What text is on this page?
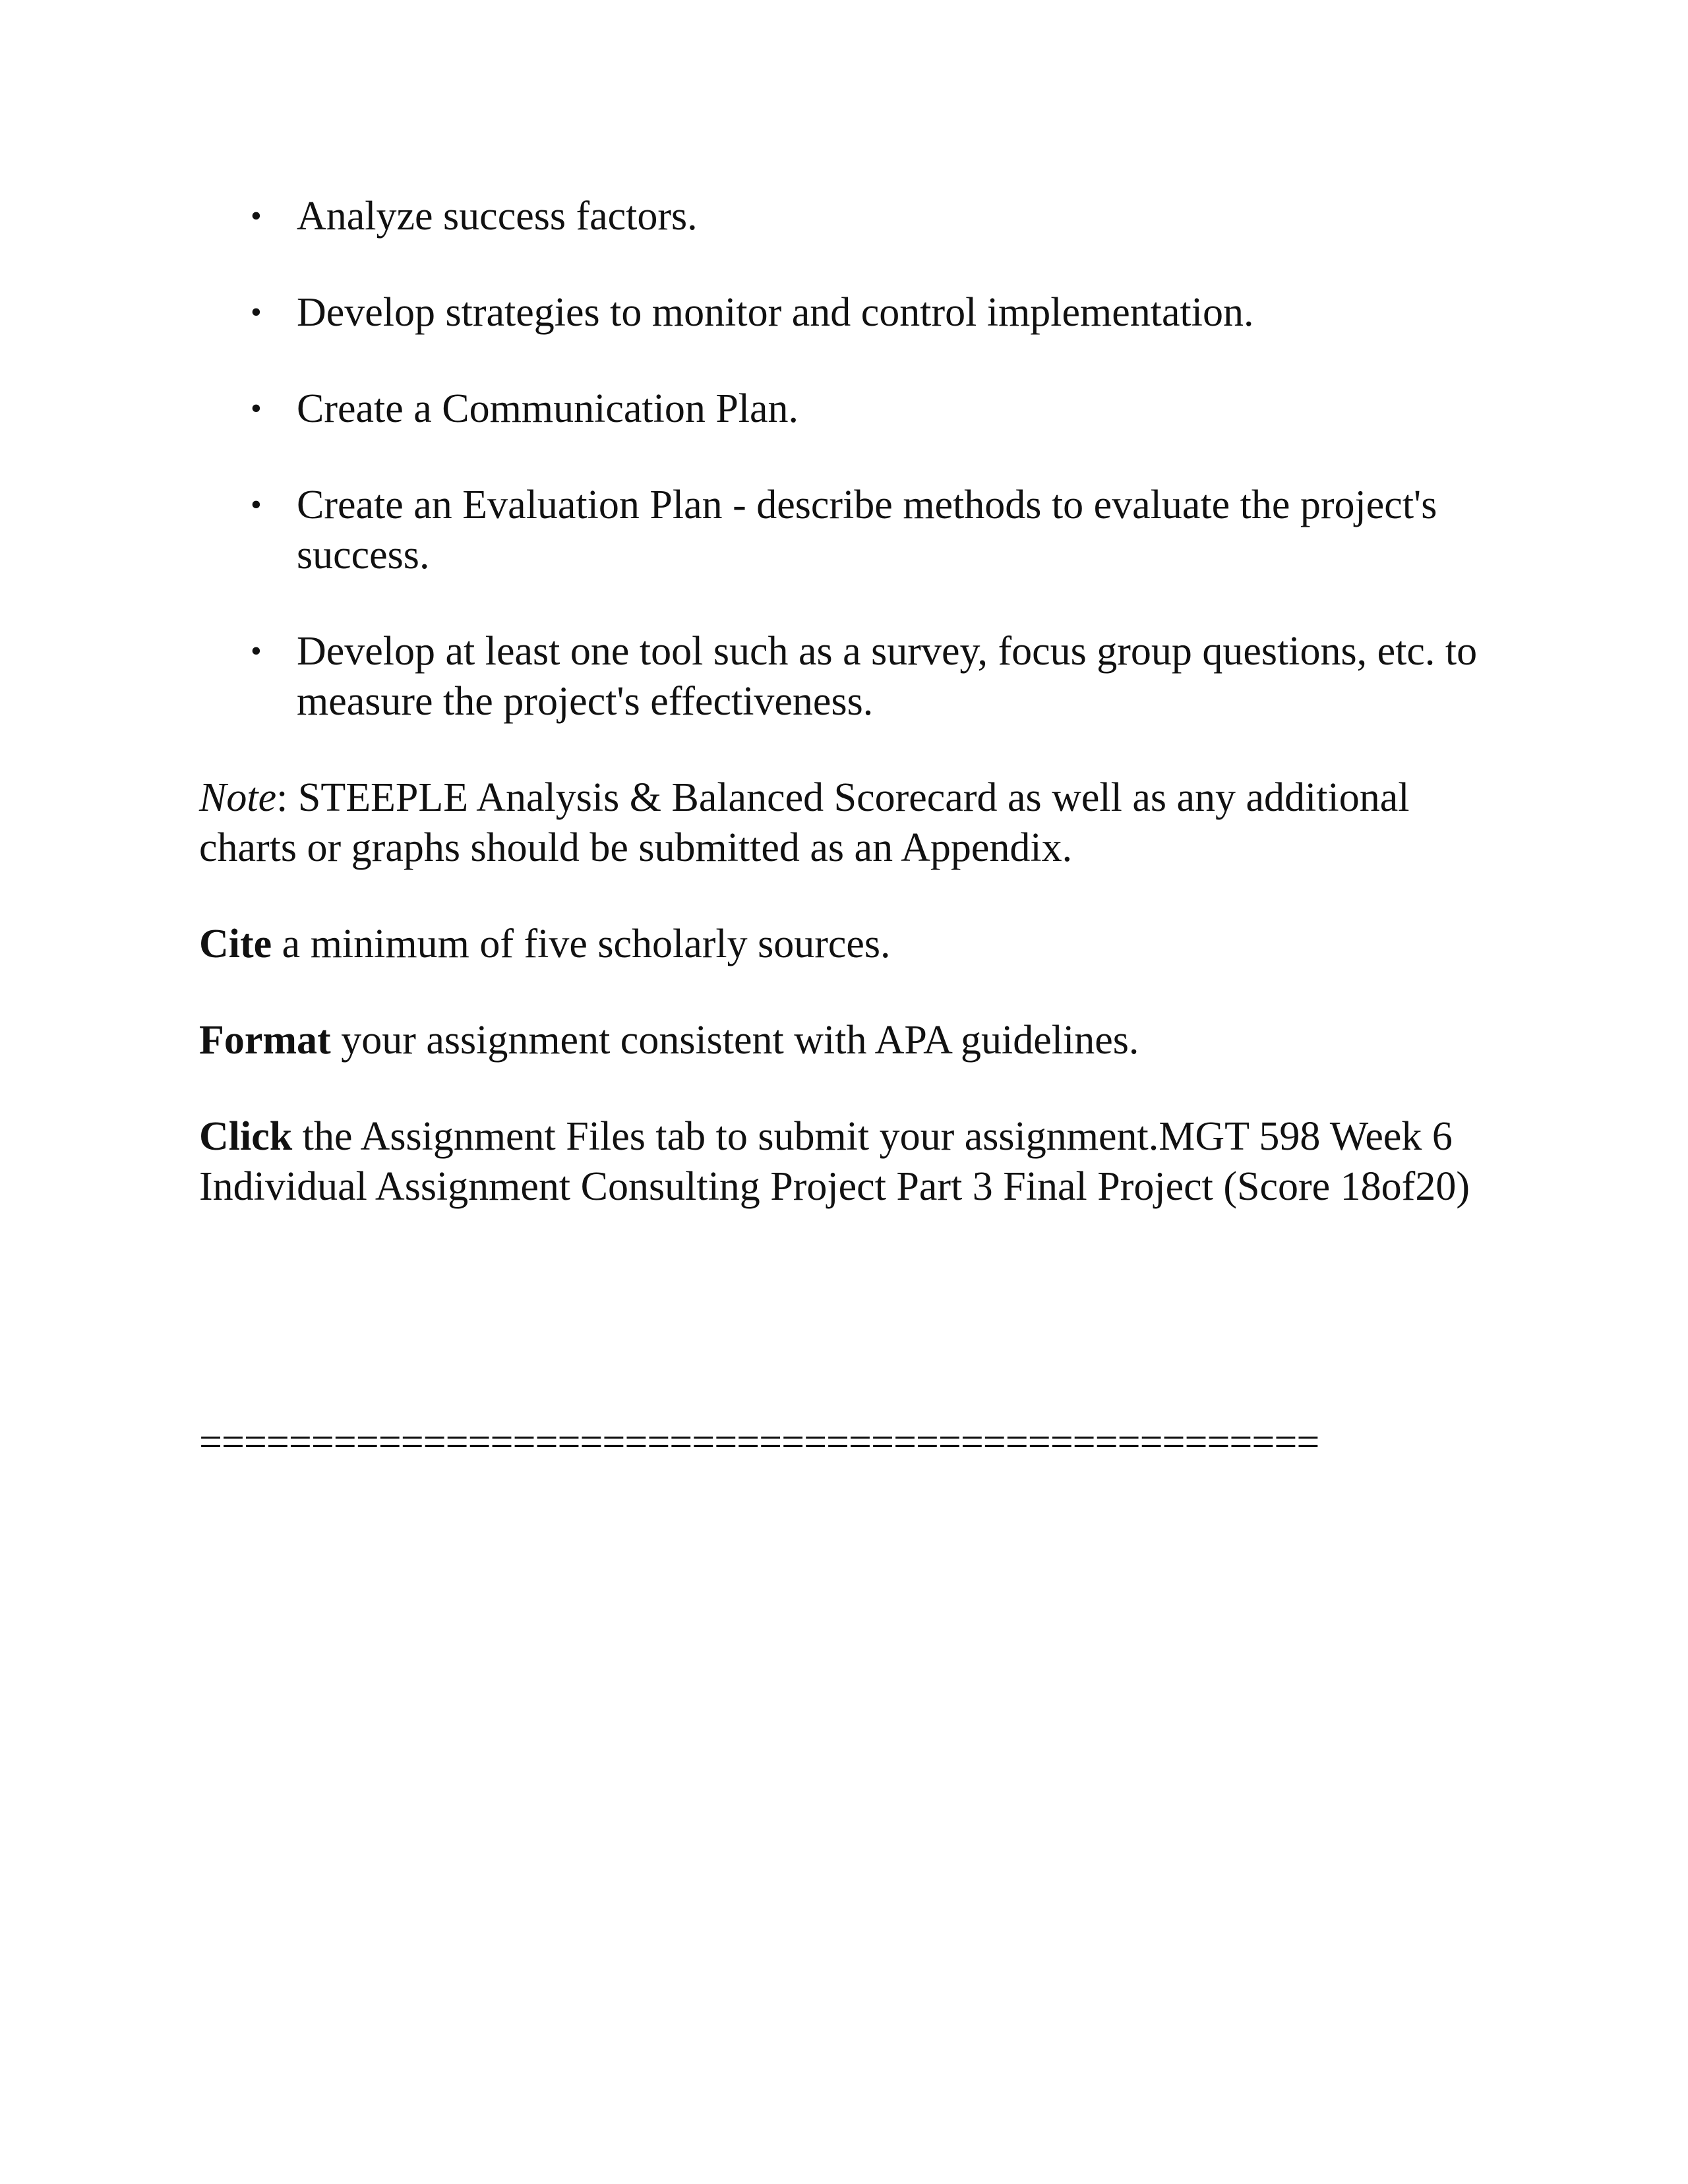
• Analyze success factors.
• Develop strategies to monitor and control implementation.
• Create a Communication Plan.
• Create an Evaluation Plan - describe methods to evaluate the project's success.
• Develop at least one tool such as a survey, focus group questions, etc. to measure the project's effectiveness.

Note: STEEPLE Analysis & Balanced Scorecard as well as any additional charts or graphs should be submitted as an Appendix.

Cite a minimum of five scholarly sources.

Format your assignment consistent with APA guidelines.

Click the Assignment Files tab to submit your assignment.MGT 598 Week 6 Individual Assignment Consulting Project Part 3 Final Project (Score 18of20)

==================================================
